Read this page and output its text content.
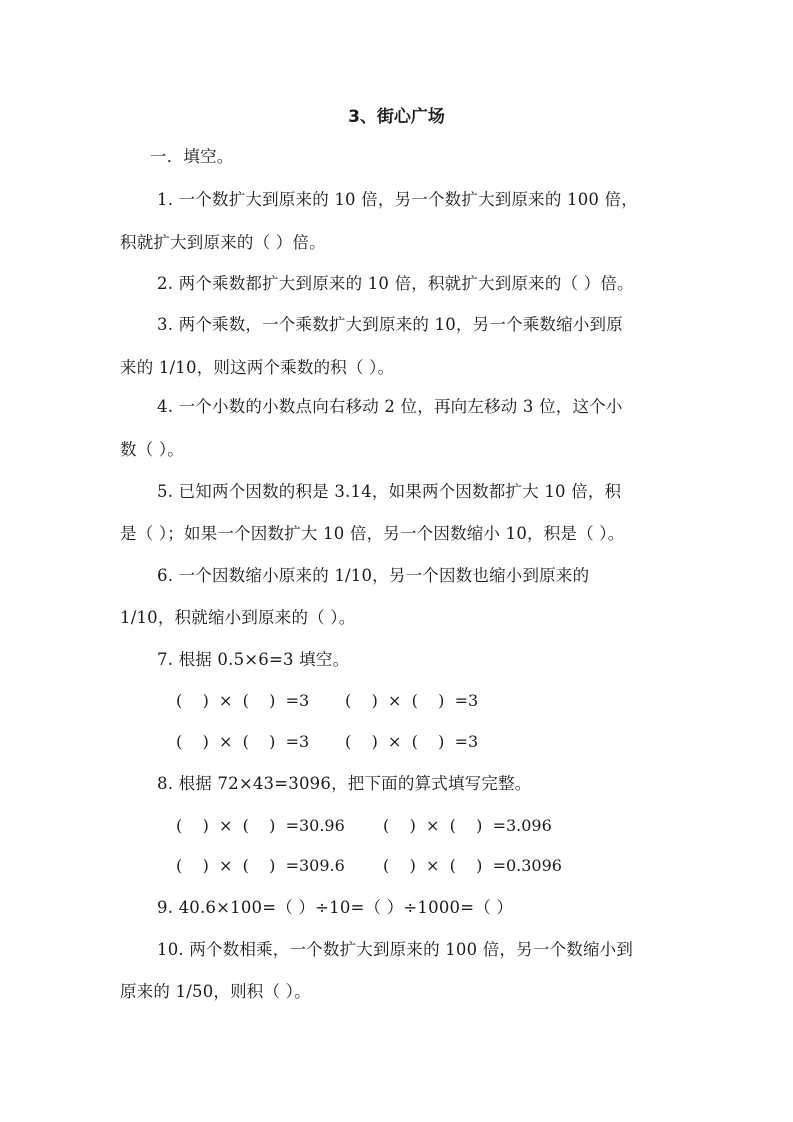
3、街心广场
一．填空。
1. 一个数扩大到原来的 10 倍，另一个数扩大到原来的 100 倍，
积就扩大到原来的（ ）倍。
2. 两个乘数都扩大到原来的 10 倍，积就扩大到原来的（ ）倍。
3. 两个乘数，一个乘数扩大到原来的 10，另一个乘数缩小到原
来的 1/10，则这两个乘数的积（ ）。
4. 一个小数的小数点向右移动 2 位，再向左移动 3 位，这个小
数（ ）。
5. 已知两个因数的积是 3.14，如果两个因数都扩大 10 倍，积
是（ ）；如果一个因数扩大 10 倍，另一个因数缩小 10，积是（ ）。
6. 一个因数缩小原来的 1/10，另一个因数也缩小到原来的
1/10，积就缩小到原来的（ ）。
7. 根据 0.5×6=3 填空。
(    )  ×  (    )  =3 (    )  ×  (    )  =3
(    )  ×  (    )  =3 (    )  ×  (    )  =3
8. 根据 72×43=3096，把下面的算式填写完整。
(    )  ×  (    )  =30.96 (    )  ×  (    )  =3.096
(    )  ×  (    )  =309.6 (    )  ×  (    )  =0.3096
9. 40.6×100=（ ）÷10=（ ）÷1000=（ ）
10. 两个数相乘，一个数扩大到原来的 100 倍，另一个数缩小到
原来的 1/50，则积（ ）。
